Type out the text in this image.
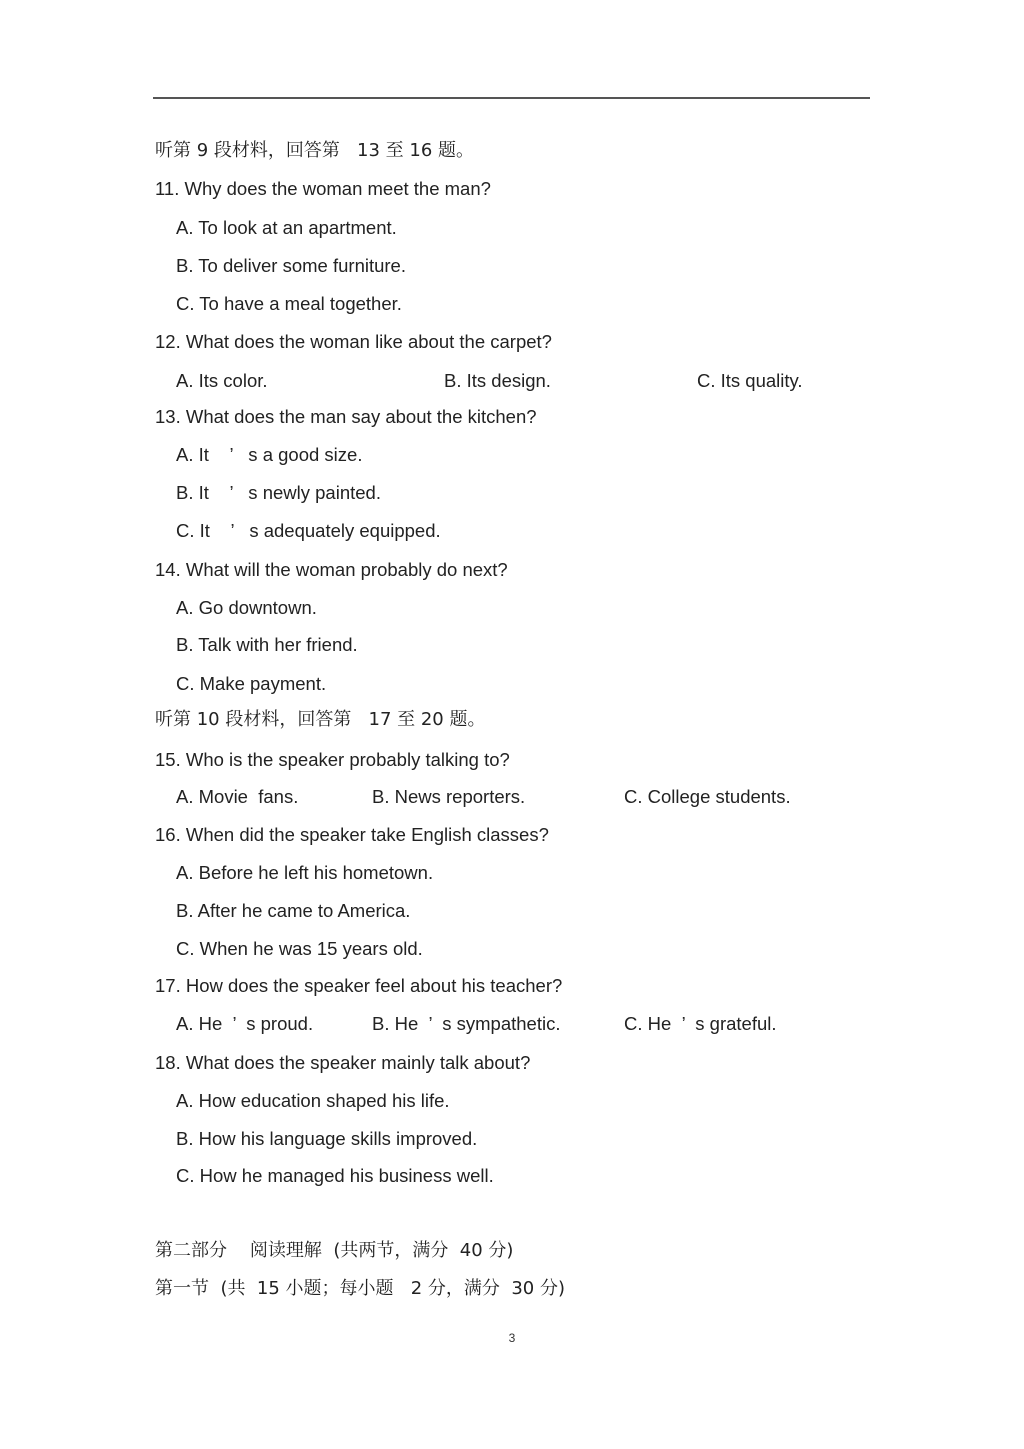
听第 9 段材料，回答第   13 至 16 题。
11. Why does the woman meet the man?
A. To look at an apartment.
B. To deliver some furniture.
C. To have a meal together.
12. What does the woman like about the carpet?
A. Its color.	B. Its design.	C. Its quality.
13. What does the man say about the kitchen?
A. It    ’   s a good size.
B. It    ’   s newly painted.
C. It    ’   s adequately equipped.
14. What will the woman probably do next?
A. Go downtown.
B. Talk with her friend.
C. Make payment.
听第 10 段材料，回答第   17 至 20 题。
15. Who is the speaker probably talking to?
A. Movie  fans.	B. News reporters.	C. College students.
16. When did the speaker take English classes?
A. Before he left his hometown.
B. After he came to America.
C. When he was 15 years old.
17. How does the speaker feel about his teacher?
A. He  ’  s proud.	B. He  ’  s sympathetic.	C. He  ’  s grateful.
18. What does the speaker mainly talk about?
A. How education shaped his life.
B. How his language skills improved.
C. How he managed his business well.
第二部分    阅读理解  (共两节，满分  40 分)
第一节  (共  15 小题；每小题   2 分，满分  30 分)
3
